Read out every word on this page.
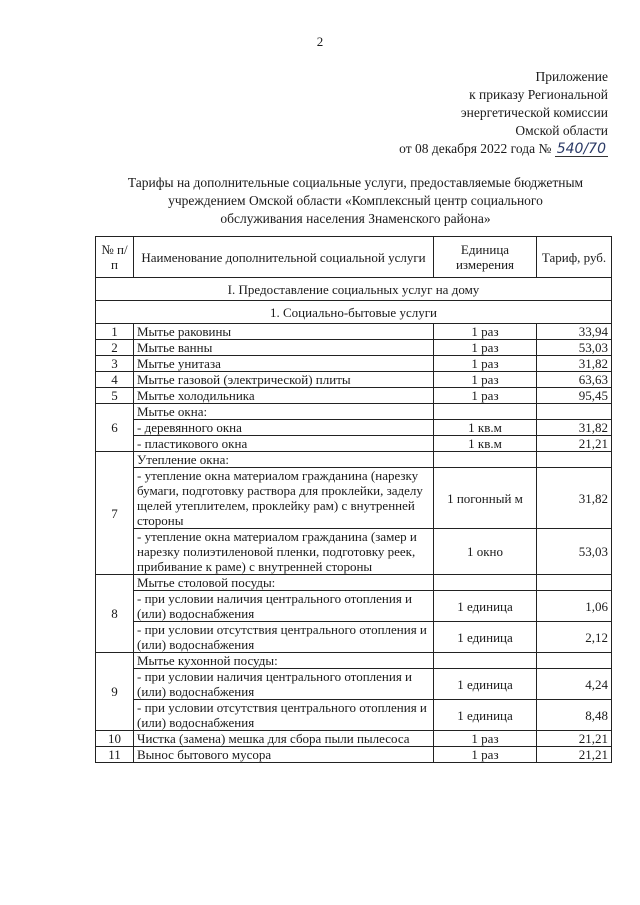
2
Приложение
к приказу Региональной
энергетической комиссии
Омской области
от 08 декабря 2022 года № 540/70
Тарифы на дополнительные социальные услуги, предоставляемые бюджетным
учреждением Омской области «Комплексный центр социального
обслуживания населения Знаменского района»
№ п/п	Наименование дополнительной социальной услуги	Единица измерения	Тариф, руб.
I. Предоставление социальных услуг на дому			
1. Социально-бытовые услуги			
1	Мытье раковины	1 раз	33,94
2	Мытье ванны	1 раз	53,03
3	Мытье унитаза	1 раз	31,82
4	Мытье газовой (электрической) плиты	1 раз	63,63
5	Мытье холодильника	1 раз	95,45
6	Мытье окна:		
	- деревянного окна	1 кв.м	31,82
	- пластикового окна	1 кв.м	21,21
7	Утепление окна:		
	- утепление окна материалом гражданина (нарезку бумаги, подготовку раствора для проклейки, заделу щелей утеплителем, проклейку рам) с внутренней стороны	1 погонный м	31,82
	- утепление окна материалом гражданина (замер и нарезку полиэтиленовой пленки, подготовку реек, прибивание к раме) с внутренней стороны	1 окно	53,03
8	Мытье столовой посуды:		
	- при условии наличия центрального отопления и (или) водоснабжения	1 единица	1,06
	- при условии отсутствия центрального отопления и (или) водоснабжения	1 единица	2,12
9	Мытье кухонной посуды:		
	- при условии наличия центрального отопления и (или) водоснабжения	1 единица	4,24
	- при условии отсутствия центрального отопления и (или) водоснабжения	1 единица	8,48
10	Чистка (замена) мешка для сбора пыли пылесоса	1 раз	21,21
11	Вынос бытового мусора	1 раз	21,21
